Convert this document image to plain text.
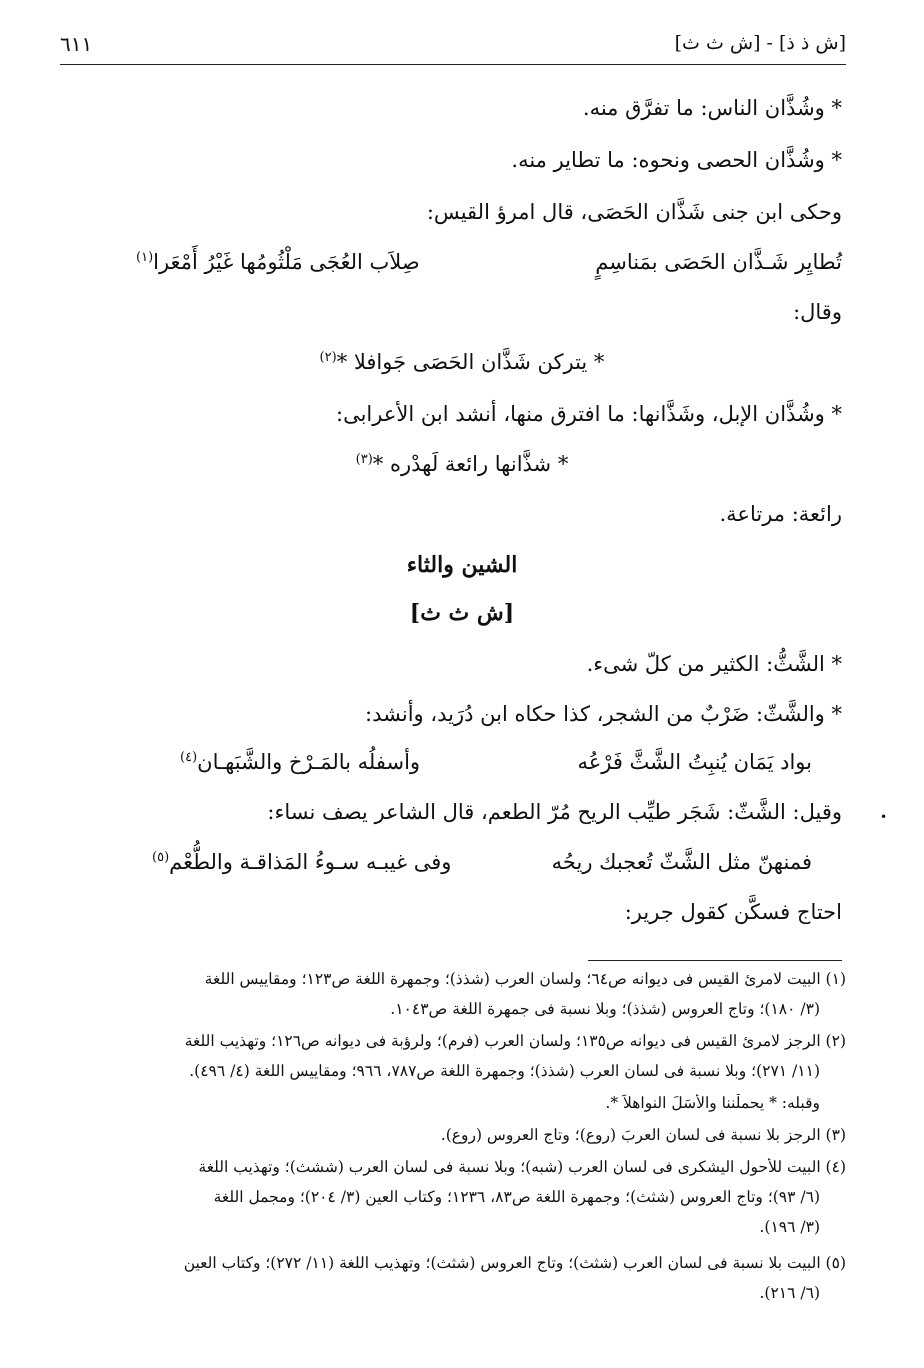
[ش ذ ذ] - [ش ث ث]
٦١١
* وشُذَّان الناس: ما تفرَّق منه.
* وشُذَّان الحصى ونحوه: ما تطاير منه.
وحكى ابن جنى شَذَّان الحَصَى، قال امرؤ القيس:
تُطايِر شَـذَّان الحَصَى بمَناسِمٍ
صِلاَب العُجَى مَلْثُومُها غَيْرُ أَمْعَرا$^{(١)}$
وقال:
* يتركن شَذَّان الحَصَى جَوافلا *$^{(٢)}$
* وشُذَّان الإبل، وشَذَّانها: ما افترق منها، أنشد ابن الأعرابى:
* شذَّانها رائعة لَهدْره *$^{(٣)}$
رائعة: مرتاعة.
الشين والثاء
[ش ث ث]
* الشَّثُّ: الكثير من كلّ شىء.
* والشَّثّ: ضَرْبٌ من الشجر، كذا حكاه ابن دُرَيد، وأنشد:
بواد يَمَان يُنبِتُ الشَّثَّ فَرْعُه
وأسفلُه بالمَـرْخ والشَّبَهـان$^{(٤)}$
وقيل: الشَّثّ: شَجَر طيِّب الريح مُرّ الطعم، قال الشاعر يصف نساء:
فمنهنّ مثل الشَّثّ تُعجبك ريحُه
وفى غيبـه سـوءُ المَذاقـة والطُّعْم$^{(٥)}$
احتاج فسكَّن كقول جرير:
•
(١) البيت لامرئ القيس فى ديوانه ص٦٤؛ ولسان العرب (شذذ)؛ وجمهرة اللغة ص١٢٣؛ ومقاييس اللغة
(٣/ ١٨٠)؛ وتاج العروس (شذذ)؛ وبلا نسبة فى جمهرة اللغة ص١٠٤٣.
(٢) الرجز لامرئ القيس فى ديوانه ص١٣٥؛ ولسان العرب (فرم)؛ ولرؤبة فى ديوانه ص١٢٦؛ وتهذيب اللغة
(١١/ ٢٧١)؛ وبلا نسبة فى لسان العرب (شذذ)؛ وجمهرة اللغة ص٧٨٧، ٩٦٦؛ ومقاييس اللغة (٤/ ٤٩٦).
وقبله: * يحملْننا والأسَلَ النواهلاَ *.
(٣) الرجز بلا نسبة فى لسان العربَ (روع)؛ وتاج العروس (روع).
(٤) البيت للأحول اليشكرى فى لسان العرب (شبه)؛ وبلا نسبة فى لسان العرب (ششث)؛ وتهذيب اللغة
(٦/ ٩٣)؛ وتاج العروس (شثث)؛ وجمهرة اللغة ص٨٣، ١٢٣٦؛ وكتاب العين (٣/ ٢٠٤)؛ ومجمل اللغة
(٣/ ١٩٦).
(٥) البيت بلا نسبة فى لسان العرب (شثث)؛ وتاج العروس (شثث)؛ وتهذيب اللغة (١١/ ٢٧٢)؛ وكتاب العين
(٦/ ٢١٦).
